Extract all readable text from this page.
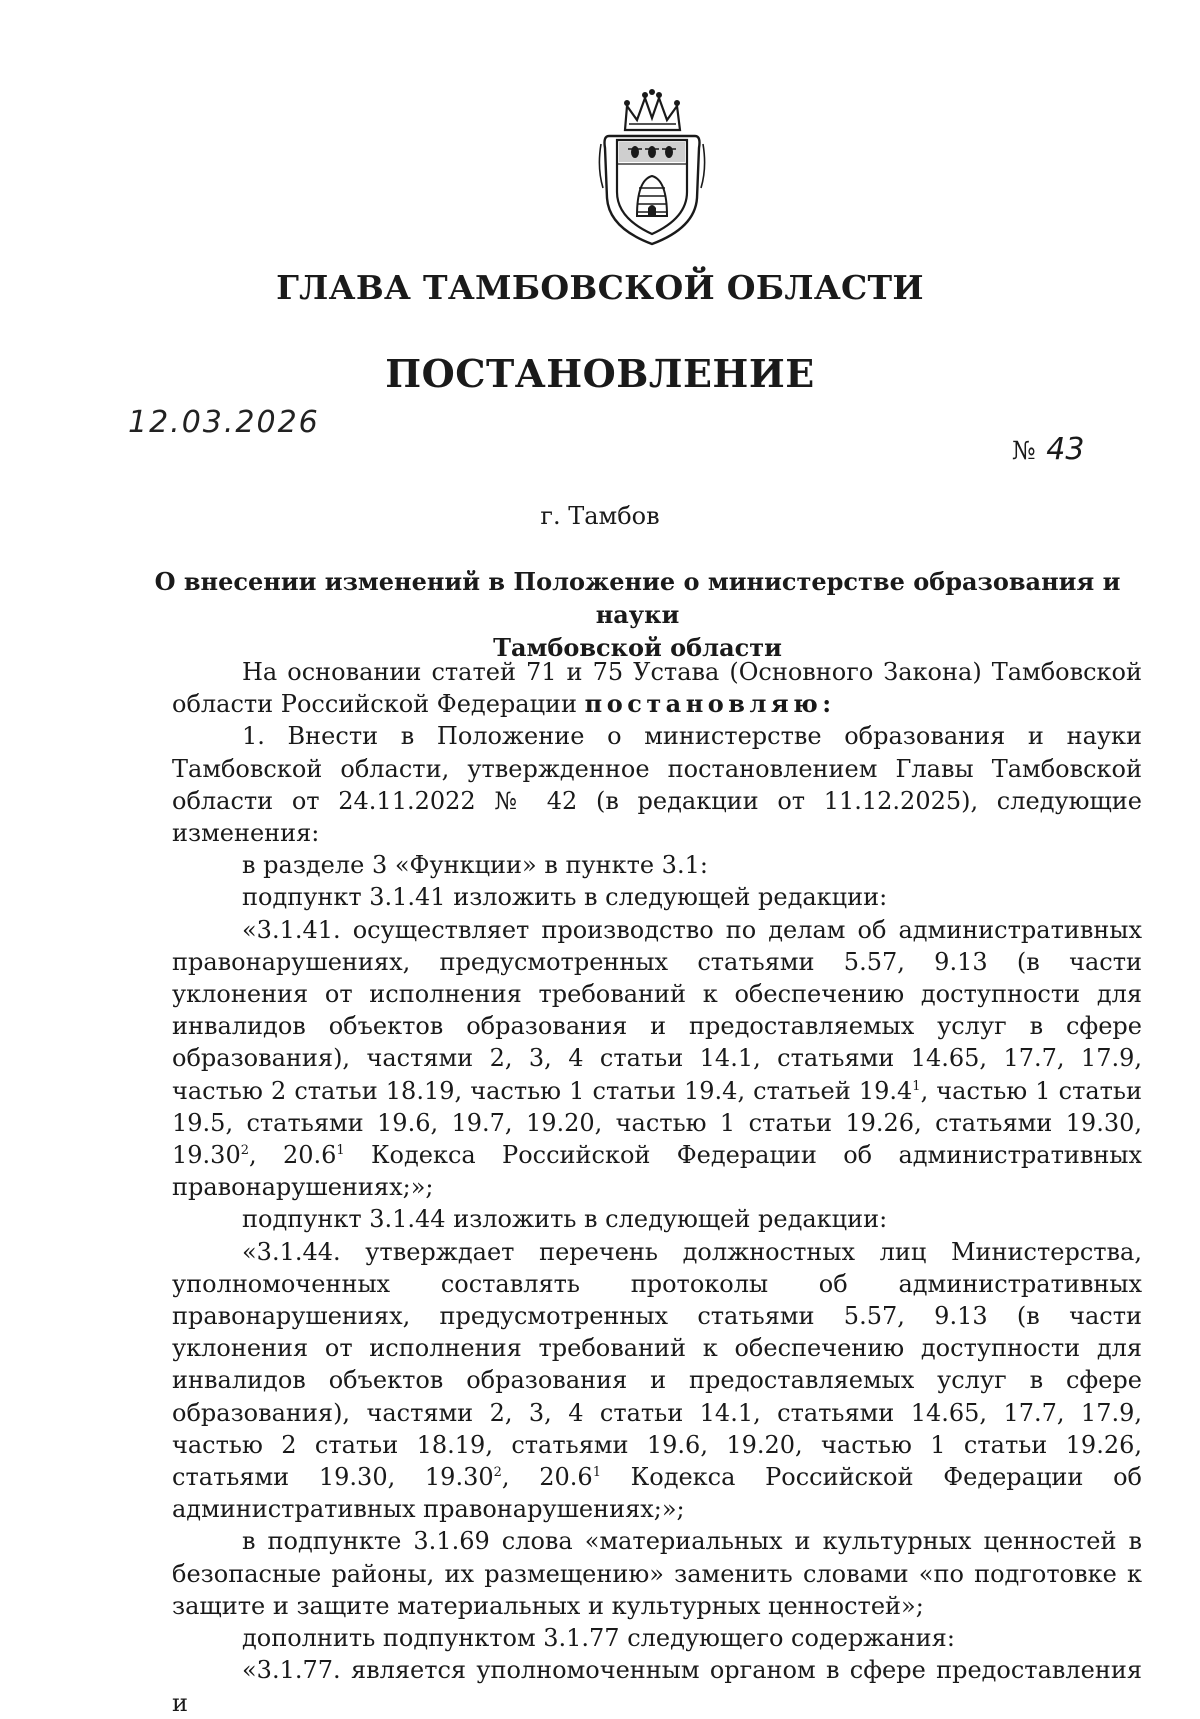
ГЛАВА ТАМБОВСКОЙ ОБЛАСТИ
ПОСТАНОВЛЕНИЕ
12.03.2026
№ 43
г. Тамбов
О внесении изменений в Положение о министерстве образования и науки
Тамбовской области

На основании статей 71 и 75 Устава (Основного Закона) Тамбовской области Российской Федерации постановляю:

1. Внести в Положение о министерстве образования и науки Тамбовской области, утвержденное постановлением Главы Тамбовской области от 24.11.2022 № 42 (в редакции от 11.12.2025), следующие изменения:

в разделе 3 «Функции» в пункте 3.1:

подпункт 3.1.41 изложить в следующей редакции:

«3.1.41. осуществляет производство по делам об административных правонарушениях, предусмотренных статьями 5.57, 9.13 (в части уклонения от исполнения требований к обеспечению доступности для инвалидов объектов образования и предоставляемых услуг в сфере образования), частями 2, 3, 4 статьи 14.1, статьями 14.65, 17.7, 17.9, частью 2 статьи 18.19, частью 1 статьи 19.4, статьей 19.4$^1$, частью 1 статьи 19.5, статьями 19.6, 19.7, 19.20, частью 1 статьи 19.26, статьями 19.30, 19.30$^2$, 20.6$^1$ Кодекса Российской Федерации об административных правонарушениях;»;

подпункт 3.1.44 изложить в следующей редакции:

«3.1.44. утверждает перечень должностных лиц Министерства, уполномоченных составлять протоколы об административных правонарушениях, предусмотренных статьями 5.57, 9.13 (в части уклонения от исполнения требований к обеспечению доступности для инвалидов объектов образования и предоставляемых услуг в сфере образования), частями 2, 3, 4 статьи 14.1, статьями 14.65, 17.7, 17.9, частью 2 статьи 18.19, статьями 19.6, 19.20, частью 1 статьи 19.26, статьями 19.30, 19.30$^2$, 20.6$^1$ Кодекса Российской Федерации об административных правонарушениях;»;

в подпункте 3.1.69 слова «материальных и культурных ценностей в безопасные районы, их размещению» заменить словами «по подготовке к защите и защите материальных и культурных ценностей»;

дополнить подпунктом 3.1.77 следующего содержания:

«3.1.77. является уполномоченным органом в сфере предоставления и
